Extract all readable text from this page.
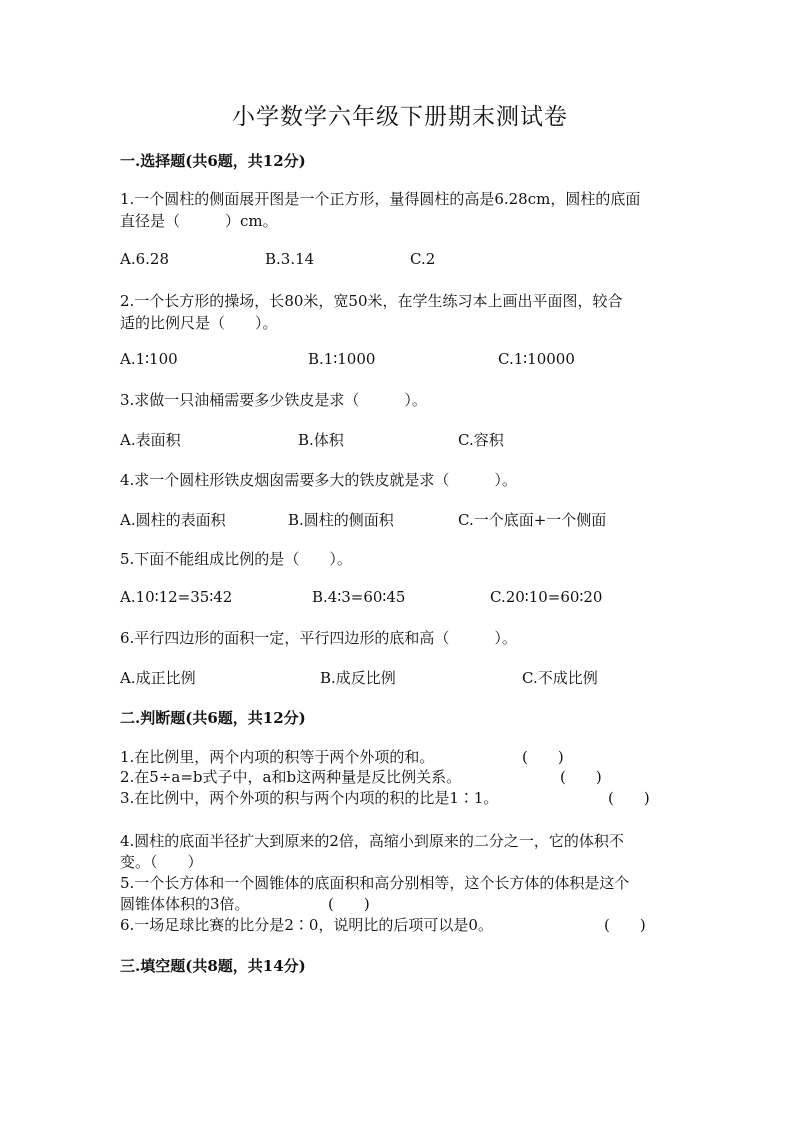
小学数学六年级下册期末测试卷
一.选择题(共6题，共12分)
1.一个圆柱的侧面展开图是一个正方形，量得圆柱的高是6.28cm，圆柱的底面
直径是（　　　）cm。
A.6.28	B.3.14	C.2
2.一个长方形的操场，长80米，宽50米，在学生练习本上画出平面图，较合
适的比例尺是（　　）。
A.1∶100	B.1∶1000	C.1∶10000
3.求做一只油桶需要多少铁皮是求（　　　）。
A.表面积	B.体积	C.容积
4.求一个圆柱形铁皮烟囱需要多大的铁皮就是求（　　　）。
A.圆柱的表面积	B.圆柱的侧面积	C.一个底面+一个侧面
5.下面不能组成比例的是（　　）。
A.10∶12=35∶42	B.4∶3=60∶45	C.20∶10=60∶20
6.平行四边形的面积一定，平行四边形的底和高（　　　）。
A.成正比例	B.成反比例	C.不成比例
二.判断题(共6题，共12分)
1.在比例里，两个内项的积等于两个外项的和。	(　　)
2.在5÷a=b式子中，a和b这两种量是反比例关系。	(　　)
3.在比例中，两个外项的积与两个内项的积的比是1∶1。	(　　)
4.圆柱的底面半径扩大到原来的2倍，高缩小到原来的二分之一，它的体积不
变。（　　）
5.一个长方体和一个圆锥体的底面积和高分别相等，这个长方体的体积是这个
圆锥体体积的3倍。	(　　)
6.一场足球比赛的比分是2∶0，说明比的后项可以是0。	(　　)
三.填空题(共8题，共14分)
